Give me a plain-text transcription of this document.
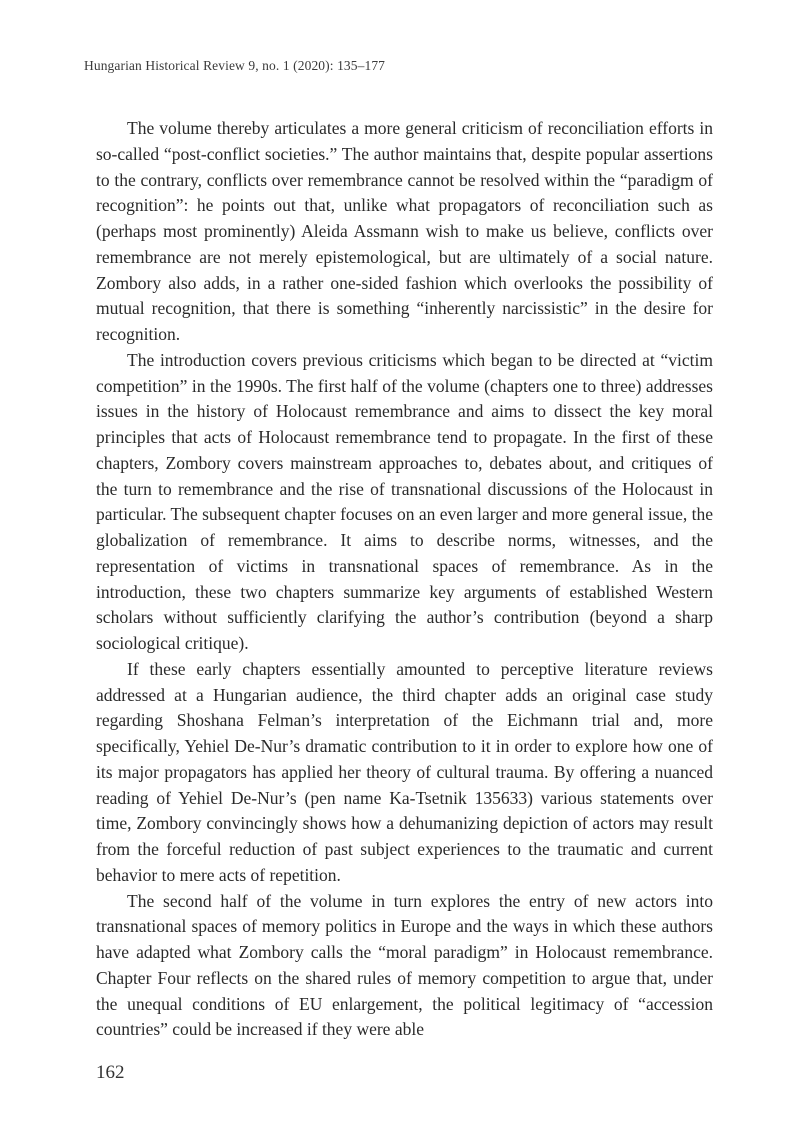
Hungarian Historical Review 9, no. 1 (2020): 135–177

The volume thereby articulates a more general criticism of reconciliation efforts in so-called “post-conflict societies.” The author maintains that, despite popular assertions to the contrary, conflicts over remembrance cannot be resolved within the “paradigm of recognition”: he points out that, unlike what propagators of reconciliation such as (perhaps most prominently) Aleida Assmann wish to make us believe, conflicts over remembrance are not merely epistemological, but are ultimately of a social nature. Zombory also adds, in a rather one-sided fashion which overlooks the possibility of mutual recognition, that there is something “inherently narcissistic” in the desire for recognition.

The introduction covers previous criticisms which began to be directed at “victim competition” in the 1990s. The first half of the volume (chapters one to three) addresses issues in the history of Holocaust remembrance and aims to dissect the key moral principles that acts of Holocaust remembrance tend to propagate. In the first of these chapters, Zombory covers mainstream approaches to, debates about, and critiques of the turn to remembrance and the rise of transnational discussions of the Holocaust in particular. The subsequent chapter focuses on an even larger and more general issue, the globalization of remembrance. It aims to describe norms, witnesses, and the representation of victims in transnational spaces of remembrance. As in the introduction, these two chapters summarize key arguments of established Western scholars without sufficiently clarifying the author’s contribution (beyond a sharp sociological critique).

If these early chapters essentially amounted to perceptive literature reviews addressed at a Hungarian audience, the third chapter adds an original case study regarding Shoshana Felman’s interpretation of the Eichmann trial and, more specifically, Yehiel De-Nur’s dramatic contribution to it in order to explore how one of its major propagators has applied her theory of cultural trauma. By offering a nuanced reading of Yehiel De-Nur’s (pen name Ka-Tsetnik 135633) various statements over time, Zombory convincingly shows how a dehumanizing depiction of actors may result from the forceful reduction of past subject experiences to the traumatic and current behavior to mere acts of repetition.

The second half of the volume in turn explores the entry of new actors into transnational spaces of memory politics in Europe and the ways in which these authors have adapted what Zombory calls the “moral paradigm” in Holocaust remembrance. Chapter Four reflects on the shared rules of memory competition to argue that, under the unequal conditions of EU enlargement, the political legitimacy of “accession countries” could be increased if they were able

162
